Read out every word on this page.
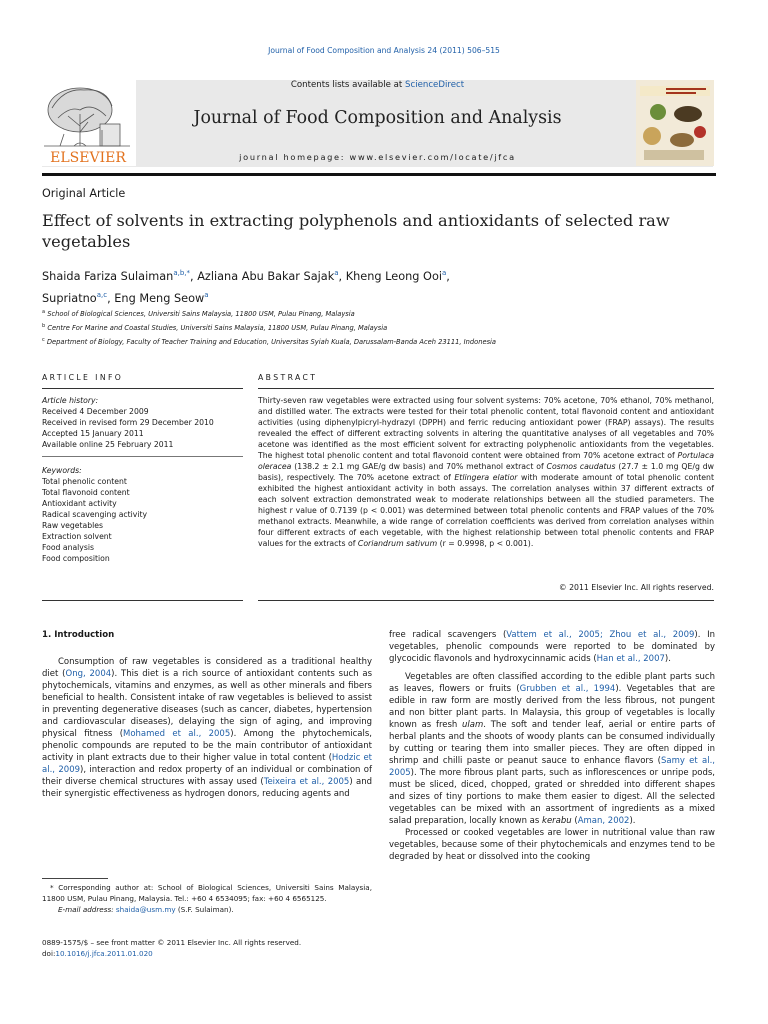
Journal of Food Composition and Analysis 24 (2011) 506–515
Contents lists available at ScienceDirect
Journal of Food Composition and Analysis
journal homepage: www.elsevier.com/locate/jfca
ELSEVIER
Original Article
Effect of solvents in extracting polyphenols and antioxidants of selected raw vegetables
Shaida Fariza Sulaiman$^{a,b,*}$, Azliana Abu Bakar Sajak$^a$, Kheng Leong Ooi$^a$,
Supriatno$^{a,c}$, Eng Meng Seow$^a$
$^a$ School of Biological Sciences, Universiti Sains Malaysia, 11800 USM, Pulau Pinang, Malaysia
$^b$ Centre For Marine and Coastal Studies, Universiti Sains Malaysia, 11800 USM, Pulau Pinang, Malaysia
$^c$ Department of Biology, Faculty of Teacher Training and Education, Universitas Syiah Kuala, Darussalam-Banda Aceh 23111, Indonesia
ARTICLE INFO	ABSTRACT
Article history:
Received 4 December 2009
Received in revised form 29 December 2010
Accepted 15 January 2011
Available online 25 February 2011
Keywords:
Total phenolic content
Total flavonoid content
Antioxidant activity
Radical scavenging activity
Raw vegetables
Extraction solvent
Food analysis
Food composition
Thirty-seven raw vegetables were extracted using four solvent systems: 70% acetone, 70% ethanol, 70% methanol, and distilled water. The extracts were tested for their total phenolic content, total flavonoid content and antioxidant activities (using diphenylpicryl-hydrazyl (DPPH) and ferric reducing antioxidant power (FRAP) assays). The results revealed the effect of different extracting solvents in altering the quantitative analyses of all vegetables and 70% acetone was identified as the most efficient solvent for extracting polyphenolic antioxidants from the vegetables. The highest total phenolic content and total flavonoid content were obtained from 70% acetone extract of Portulaca oleracea (138.2 ± 2.1 mg GAE/g dw basis) and 70% methanol extract of Cosmos caudatus (27.7 ± 1.0 mg QE/g dw basis), respectively. The 70% acetone extract of Etlingera elatior with moderate amount of total phenolic content exhibited the highest antioxidant activity in both assays. The correlation analyses within 37 different extracts of each solvent extraction demonstrated weak to moderate relationships between all the studied parameters. The highest r value of 0.7139 (p < 0.001) was determined between total phenolic contents and FRAP values of the 70% methanol extracts. Meanwhile, a wide range of correlation coefficients was derived from correlation analyses within four different extracts of each vegetable, with the highest relationship between total phenolic contents and FRAP values for the extracts of Coriandrum sativum (r = 0.9998, p < 0.001).
© 2011 Elsevier Inc. All rights reserved.
1. Introduction

Consumption of raw vegetables is considered as a traditional healthy diet (Ong, 2004). This diet is a rich source of antioxidant contents such as phytochemicals, vitamins and enzymes, as well as other minerals and fibers beneficial to health. Consistent intake of raw vegetables is believed to assist in preventing degenerative diseases (such as cancer, diabetes, hypertension and cardiovascular diseases), delaying the sign of aging, and improving physical fitness (Mohamed et al., 2005). Among the phytochemicals, phenolic compounds are reputed to be the main contributor of antioxidant activity in plant extracts due to their higher value in total content (Hodzic et al., 2009), interaction and redox property of an individual or combination of their diverse chemical structures with assay used (Teixeira et al., 2005) and their synergistic effectiveness as hydrogen donors, reducing agents and

free radical scavengers (Vattem et al., 2005; Zhou et al., 2009). In vegetables, phenolic compounds were reported to be dominated by glycocidic flavonols and hydroxycinnamic acids (Han et al., 2007).

Vegetables are often classified according to the edible plant parts such as leaves, flowers or fruits (Grubben et al., 1994). Vegetables that are edible in raw form are mostly derived from the less fibrous, not pungent and non bitter plant parts. In Malaysia, this group of vegetables is locally known as fresh ulam. The soft and tender leaf, aerial or entire parts of herbal plants and the shoots of woody plants can be consumed individually by cutting or tearing them into smaller pieces. They are often dipped in shrimp and chilli paste or peanut sauce to enhance flavors (Samy et al., 2005). The more fibrous plant parts, such as inflorescences or unripe pods, must be sliced, diced, chopped, grated or shredded into different shapes and sizes of tiny portions to make them easier to digest. All the selected vegetables can be mixed with an assortment of ingredients as a mixed salad preparation, locally known as kerabu (Aman, 2002).

Processed or cooked vegetables are lower in nutritional value than raw vegetables, because some of their phytochemicals and enzymes tend to be degraded by heat or dissolved into the cooking

* Corresponding author at: School of Biological Sciences, Universiti Sains Malaysia, 11800 USM, Pulau Pinang, Malaysia. Tel.: +60 4 6534095; fax: +60 4 6565125.
E-mail address: shaida@usm.my (S.F. Sulaiman).
0889-1575/$ – see front matter © 2011 Elsevier Inc. All rights reserved.
doi:10.1016/j.jfca.2011.01.020
